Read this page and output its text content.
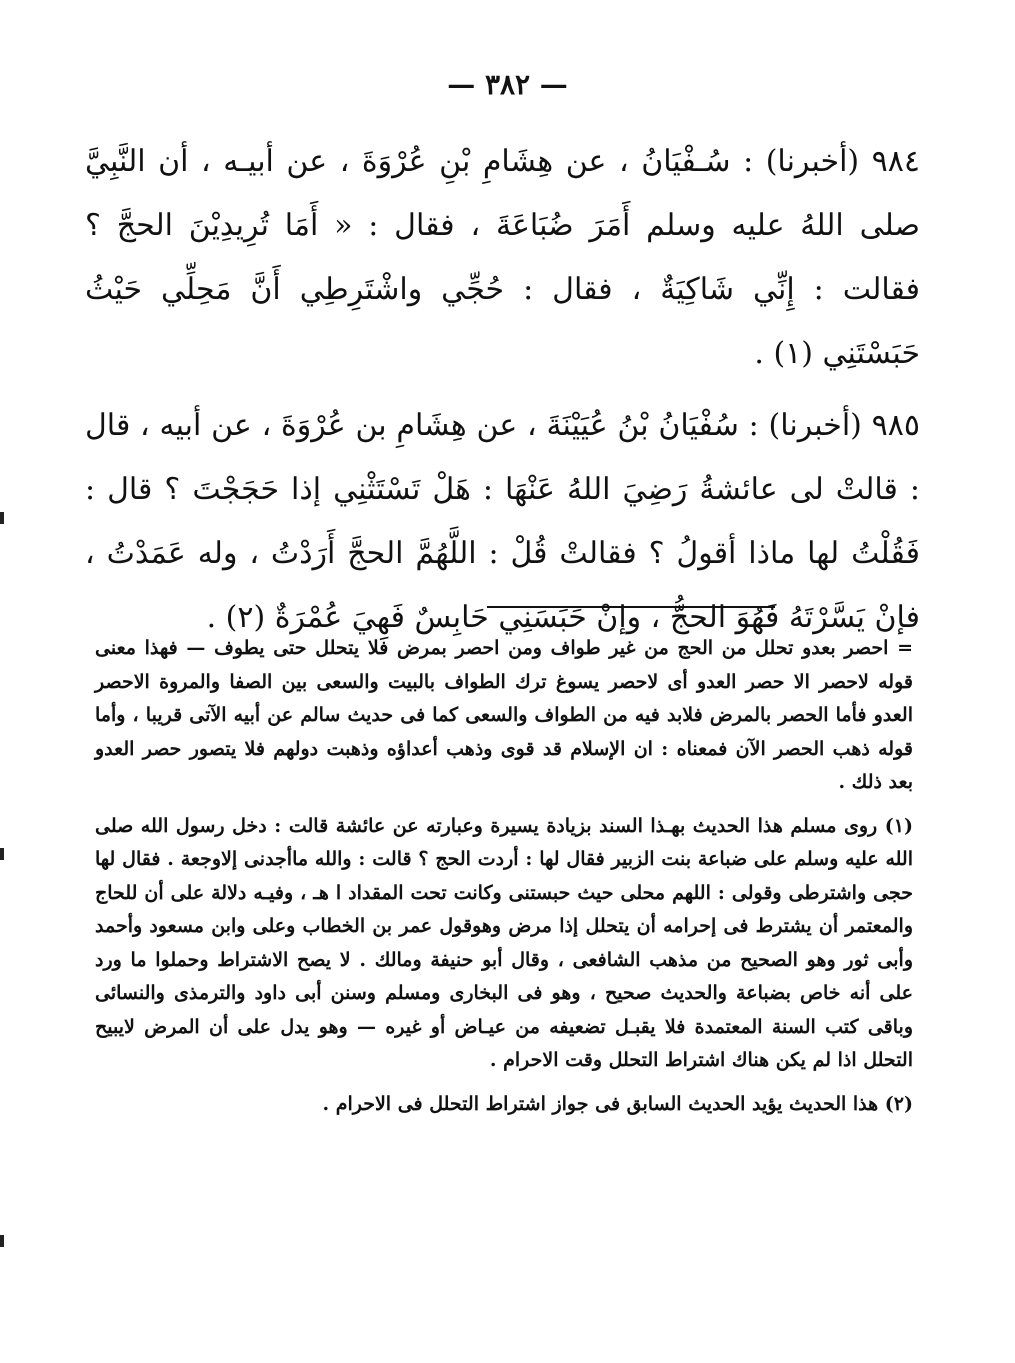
— ٣٨٢ —

٩٨٤ (أخبرنا) : سُـفْيَانُ ، عن هِشَامِ بْنِ عُرْوَةَ ، عن أبيـه ، أن النَّبِيَّ صلى اللهُ عليه وسلم أَمَرَ ضُبَاعَةَ ، فقال : « أَمَا تُرِيدِيْنَ الحجَّ ؟ فقالت : إِنِّي شَاكِيَةٌ ، فقال : حُجِّي واشْتَرِطِي أَنَّ مَحِلِّي حَيْثُ حَبَسْتَنِي (١) .

٩٨٥ (أخبرنا) : سُفْيَانُ بْنُ عُيَيْنَةَ ، عن هِشَامِ بن عُرْوَةَ ، عن أبيه ، قال : قالتْ لى عائشةُ رَضِيَ اللهُ عَنْهَا : هَلْ تَسْتَثْنِي إذا حَجَجْتَ ؟ قال : فَقُلْتُ لها ماذا أقولُ ؟ فقالتْ قُلْ : اللَّهُمَّ الحجَّ أَرَدْتُ ، وله عَمَدْتُ ، فإنْ يَسَّرْتَهُ فَهُوَ الحجُّ ، وإنْ حَبَسَنِي حَابِسٌ فَهِيَ عُمْرَةٌ (٢) .

= احصر بعدو تحلل من الحج من غير طواف ومن احصر بمرض فلا يتحلل حتى يطوف — فهذا معنى قوله لاحصر الا حصر العدو أى لاحصر يسوغ ترك الطواف بالبيت والسعى بين الصفا والمروة الاحصر العدو فأما الحصر بالمرض فلابد فيه من الطواف والسعى كما فى حديث سالم عن أبيه الآتى قريبا ، وأما قوله ذهب الحصر الآن فمعناه : ان الإسلام قد قوى وذهب أعداؤه وذهبت دولهم فلا يتصور حصر العدو بعد ذلك .

(١) روى مسلم هذا الحديث بهـذا السند بزيادة يسيرة وعبارته عن عائشة قالت : دخل رسول الله صلى الله عليه وسلم على ضباعة بنت الزبير فقال لها : أردت الحج ؟ قالت : والله ماأجدنى إلاوجعة . فقال لها حجى واشترطى وقولى : اللهم محلى حيث حبستنى وكانت تحت المقداد ا هـ ، وفيـه دلالة على أن للحاج والمعتمر أن يشترط فى إحرامه أن يتحلل إذا مرض وهوقول عمر بن الخطاب وعلى وابن مسعود وأحمد وأبى ثور وهو الصحيح من مذهب الشافعى ، وقال أبو حنيفة ومالك . لا يصح الاشتراط وحملوا ما ورد على أنه خاص بضباعة والحديث صحيح ، وهو فى البخارى ومسلم وسنن أبى داود والترمذى والنسائى وباقى كتب السنة المعتمدة فلا يقبـل تضعيفه من عيـاض أو غيره — وهو يدل على أن المرض لايبيح التحلل اذا لم يكن هناك اشتراط التحلل وقت الاحرام .

(٢) هذا الحديث يؤيد الحديث السابق فى جواز اشتراط التحلل فى الاحرام .
